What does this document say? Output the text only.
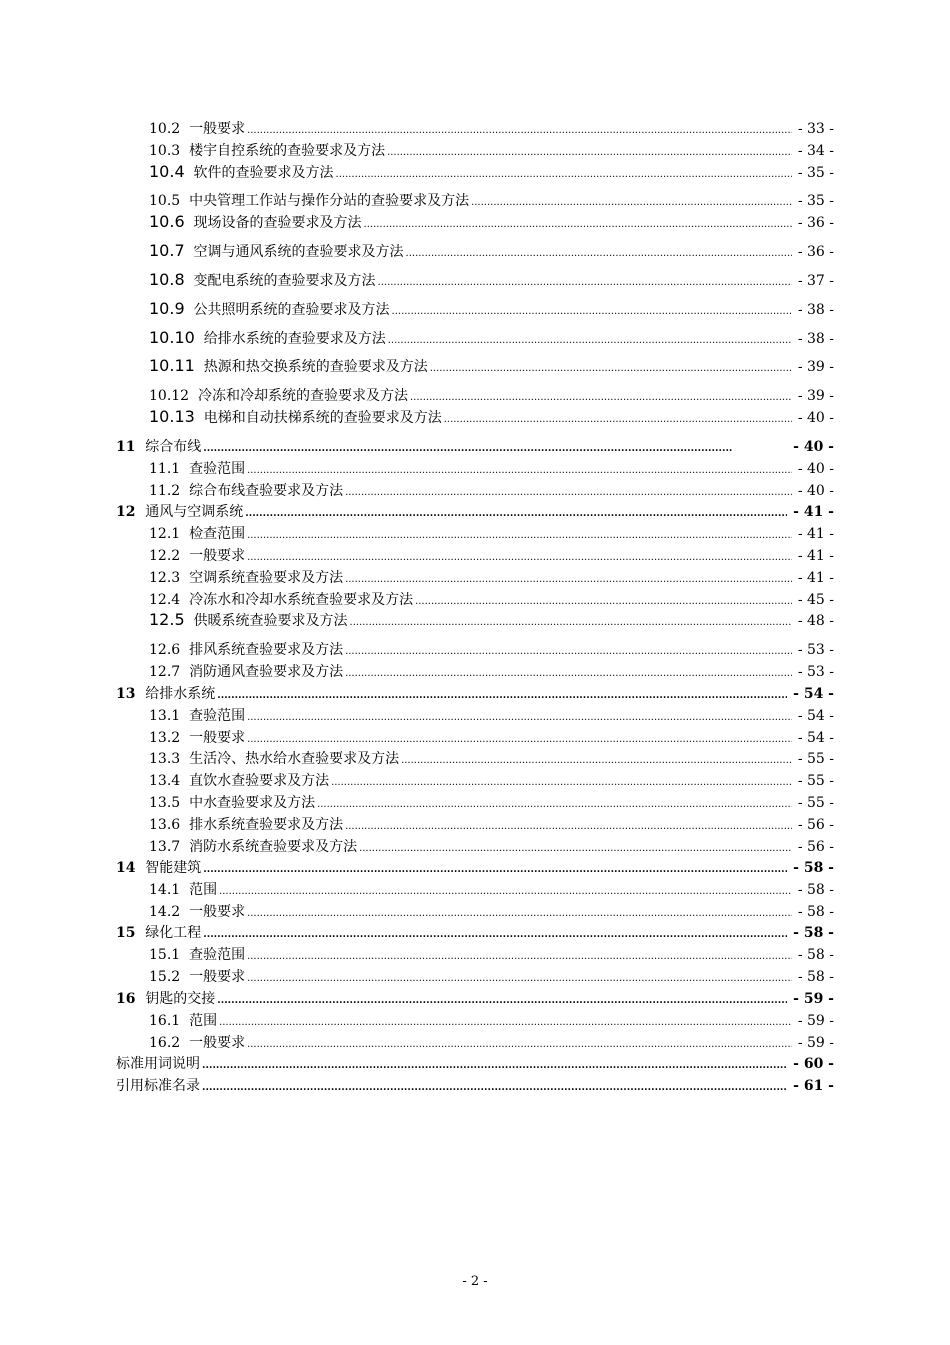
10.2 一般要求 .....	- 33 -
10.3 楼宇自控系统的查验要求及方法 .....	- 34 -
10.4 软件的查验要求及方法 .....	- 35 -
10.5 中央管理工作站与操作分站的查验要求及方法 .....	- 35 -
10.6 现场设备的查验要求及方法 .....	- 36 -
10.7 空调与通风系统的查验要求及方法 .....	- 36 -
10.8 变配电系统的查验要求及方法 .....	- 37 -
10.9 公共照明系统的查验要求及方法 .....	- 38 -
10.10 给排水系统的查验要求及方法 .....	- 38 -
10.11 热源和热交换系统的查验要求及方法 .....	- 39 -
10.12 冷冻和冷却系统的查验要求及方法 .....	- 39 -
10.13 电梯和自动扶梯系统的查验要求及方法 .....	- 40 -
11 综合布线 .....	- 40 -
11.1 查验范围 .....	- 40 -
11.2 综合布线查验要求及方法 .....	- 40 -
12 通风与空调系统 .....	- 41 -
12.1 检查范围 .....	- 41 -
12.2 一般要求 .....	- 41 -
12.3 空调系统查验要求及方法 .....	- 41 -
12.4 冷冻水和冷却水系统查验要求及方法 .....	- 45 -
12.5 供暖系统查验要求及方法 .....	- 48 -
12.6 排风系统查验要求及方法 .....	- 53 -
12.7 消防通风查验要求及方法 .....	- 53 -
13 给排水系统 .....	- 54 -
13.1 查验范围 .....	- 54 -
13.2 一般要求 .....	- 54 -
13.3 生活冷、热水给水查验要求及方法 .....	- 55 -
13.4 直饮水查验要求及方法 .....	- 55 -
13.5 中水查验要求及方法 .....	- 55 -
13.6 排水系统查验要求及方法 .....	- 56 -
13.7 消防水系统查验要求及方法 .....	- 56 -
14 智能建筑 .....	- 58 -
14.1 范围 .....	- 58 -
14.2 一般要求 .....	- 58 -
15 绿化工程 .....	- 58 -
15.1 查验范围 .....	- 58 -
15.2 一般要求 .....	- 58 -
16 钥匙的交接 .....	- 59 -
16.1 范围 .....	- 59 -
16.2 一般要求 .....	- 59 -
标准用词说明 .....	- 60 -
引用标准名录 .....	- 61 -
- 2 -
